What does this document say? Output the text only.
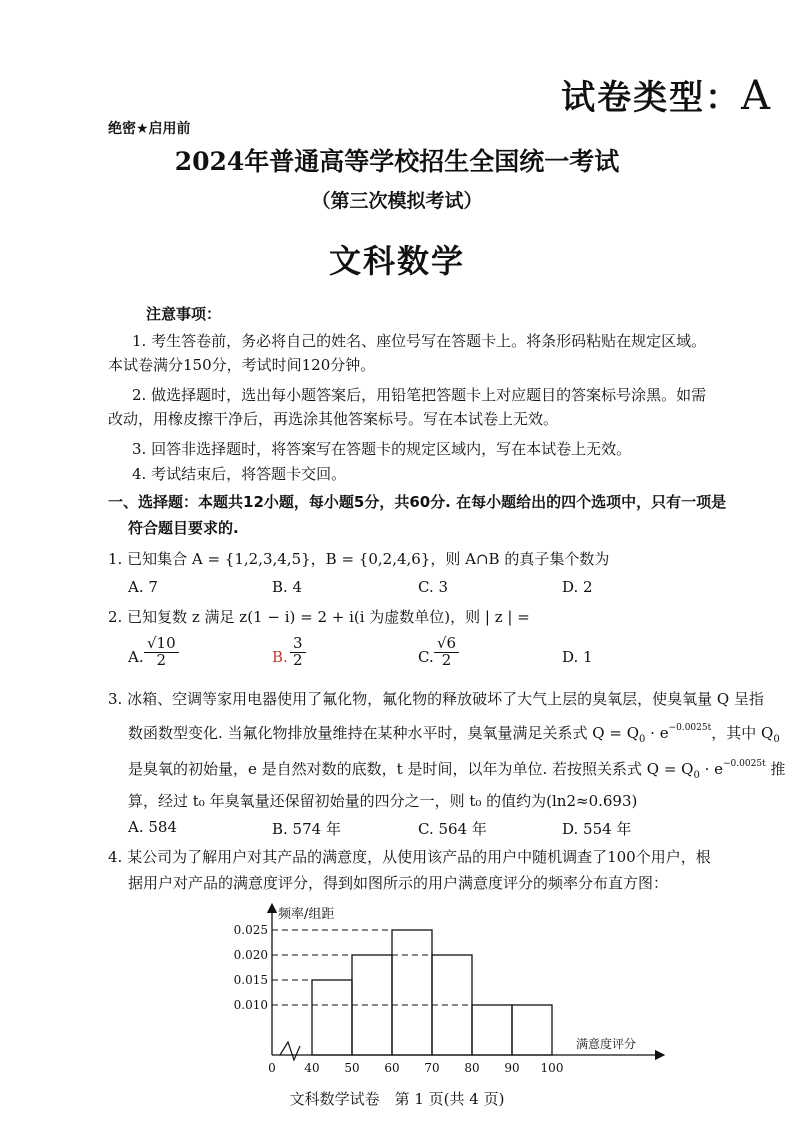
试卷类型：A
绝密★启用前
2024年普通高等学校招生全国统一考试
（第三次模拟考试）
文科数学
注意事项：
1. 考生答卷前，务必将自己的姓名、座位号写在答题卡上。将条形码粘贴在规定区域。
本试卷满分150分，考试时间120分钟。
2. 做选择题时，选出每小题答案后，用铅笔把答题卡上对应题目的答案标号涂黑。如需
改动，用橡皮擦干净后，再选涂其他答案标号。写在本试卷上无效。
3. 回答非选择题时，将答案写在答题卡的规定区域内，写在本试卷上无效。
4. 考试结束后，将答题卡交回。
一、选择题：本题共12小题，每小题5分，共60分. 在每小题给出的四个选项中，只有一项是
符合题目要求的.
1. 已知集合 A = {1,2,3,4,5}，B = {0,2,4,6}，则 A∩B 的真子集个数为
A. 7	B. 4	C. 3	D. 2
2. 已知复数 z 满足 z(1 − i) = 2 + i(i 为虚数单位)，则 | z | =
A. $\frac{√10}{2}$	B. $\frac{3}{2}$	C. $\frac{√6}{2}$	D. 1
3. 冰箱、空调等家用电器使用了氟化物，氟化物的释放破坏了大气上层的臭氧层，使臭氧量 Q 呈指
数函数型变化. 当氟化物排放量维持在某种水平时，臭氧量满足关系式 $Q = Q_0 \cdot e^{-0.0025t}$，其中 $Q_0$
是臭氧的初始量，e 是自然对数的底数，t 是时间，以年为单位. 若按照关系式 $Q = Q_0 \cdot e^{-0.0025t}$ 推
算，经过 t₀ 年臭氧量还保留初始量的四分之一，则 t₀ 的值约为(ln2≈0.693)
A. 584	B. 574 年	C. 564 年	D. 554 年
4. 某公司为了解用户对其产品的满意度，从使用该产品的用户中随机调查了100个用户，根
据用户对产品的满意度评分，得到如图所示的用户满意度评分的频率分布直方图：
频率/组距
满意度评分
0.010
0.015
0.020
0.025
0 40 50 60 70 80 90 100
文科数学试卷　第 1 页(共 4 页)
